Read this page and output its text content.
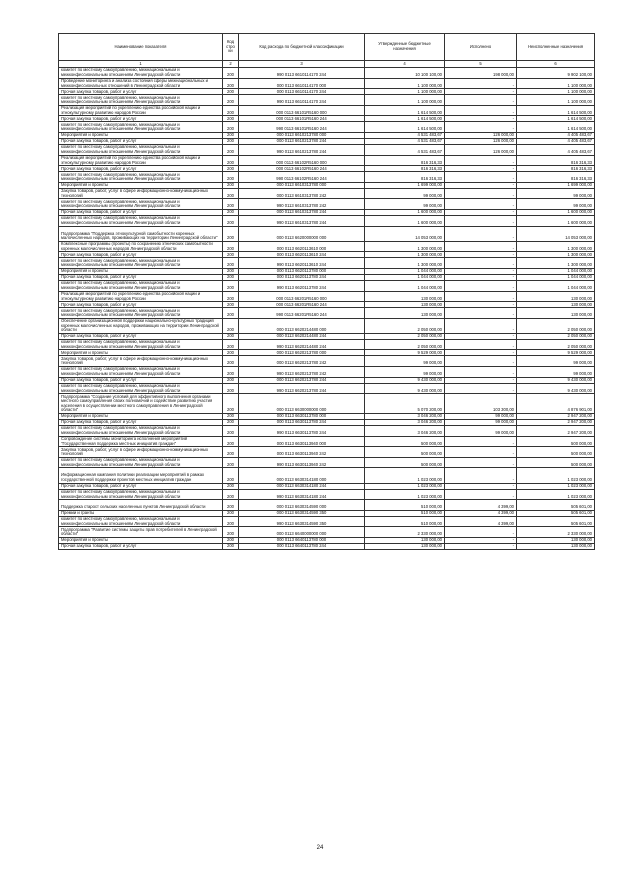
Наименование показателя	Код стро ки	Код расхода по бюджетной классификации	Утвержденные бюджетные назначения	Исполнено	Неисполненные назначения
1	2	3	4	5	6
комитет по местному самоуправлению, межнациональным и межконфессиональным отношениям Ленинградской области	200	990 0113 6610114170 244	10 100 100,00	198 000,00	9 902 100,00
Проведение мониторинга и анализа состояния сферы межнациональных и межконфессиональных отношений в Ленинградской области	200	000 0113 6610114170 000	1 100 000,00	-	1 100 000,00
Прочая закупка товаров, работ и услуг	200	000 0113 6610114170 244	1 100 000,00	-	1 100 000,00
комитет по местному самоуправлению, межнациональным и межконфессиональным отношениям Ленинградской области	200	990 0113 6610114170 244	1 100 000,00	-	1 100 000,00
Реализация мероприятий по укреплению единства российской нации и этнокультурному развитию народов России	200	000 0113 66101R5160 000	1 614 500,00	-	1 614 500,00
Прочая закупка товаров, работ и услуг	200	000 0113 66101R5160 244	1 614 500,00	-	1 614 500,00
комитет по местному самоуправлению, межнациональным и межконфессиональным отношениям Ленинградской области	200	990 0113 66101R5160 244	1 614 500,00	-	1 614 500,00
Мероприятия и проекты	200	000 0113 6610213780 000	4 531 483,67	126 000,00	4 405 483,67
Прочая закупка товаров, работ и услуг	200	000 0113 6610213780 244	4 531 483,67	126 000,00	4 405 483,67
комитет по местному самоуправлению, межнациональным и межконфессиональным отношениям Ленинградской области	200	990 0113 6610213780 244	4 531 483,67	126 000,00	4 405 483,67
Реализация мероприятий по укреплению единства российской нации и этнокультурному развитию народов России	200	000 0113 66102R5160 000	816 316,33	-	816 316,33
Прочая закупка товаров, работ и услуг	200	000 0113 66102R5160 244	816 316,33	-	816 316,33
комитет по местному самоуправлению, межнациональным и межконфессиональным отношениям Ленинградской области	200	990 0113 66102R5160 244	816 316,33	-	816 316,33
Мероприятия и проекты	200	000 0113 6610313780 000	1 699 000,00	-	1 699 000,00
Закупка товаров, работ, услуг в сфере информационно-коммуникационных технологий	200	000 0113 6610313780 242	99 000,00	-	99 000,00
комитет по местному самоуправлению, межнациональным и межконфессиональным отношениям Ленинградской области	200	990 0113 6610313780 242	99 000,00	-	99 000,00
Прочая закупка товаров, работ и услуг	200	000 0113 6610313780 244	1 600 000,00	-	1 600 000,00
комитет по местному самоуправлению, межнациональным и межконфессиональным отношениям Ленинградской области	200	990 0113 6610313780 244	1 600 000,00	-	1 600 000,00
Подпрограмма "Поддержка этнокультурной самобытности коренных малочисленных народов, проживающих на территории Ленинградской области"	200	000 0113 6620000000 000	14 053 000,00	-	14 053 000,00
Комплексные программы (проекты) по сохранению этнических самобытности коренных малочисленных народов Ленинградской области	200	000 0113 6620113610 000	1 300 000,00	-	1 300 000,00
Прочая закупка товаров, работ и услуг	200	000 0113 6620113610 244	1 300 000,00	-	1 300 000,00
комитет по местному самоуправлению, межнациональным и межконфессиональным отношениям Ленинградской области	200	990 0113 6620113610 244	1 300 000,00	-	1 300 000,00
Мероприятия и проекты	200	000 0113 6620113780 000	1 044 000,00	-	1 044 000,00
Прочая закупка товаров, работ и услуг	200	000 0113 6620113780 244	1 044 000,00	-	1 044 000,00
комитет по местному самоуправлению, межнациональным и межконфессиональным отношениям Ленинградской области	200	990 0113 6620113780 244	1 044 000,00	-	1 044 000,00
Реализация мероприятий по укреплению единства российской нации и этнокультурному развитию народов России	200	000 0113 66201R5160 000	130 000,00	-	130 000,00
Прочая закупка товаров, работ и услуг	200	000 0113 66201R5160 244	130 000,00	-	130 000,00
комитет по местному самоуправлению, межнациональным и межконфессиональным отношениям Ленинградской области	200	990 0113 66201R5160 244	130 000,00	-	130 000,00
Обеспечение организационной поддержки национально-культурных традиций коренных малочисленных народов, проживающих на территории Ленинградской области	200	000 0113 6620214480 000	2 050 000,00	-	2 050 000,00
Прочая закупка товаров, работ и услуг	200	000 0113 6620214480 244	2 050 000,00	-	2 050 000,00
комитет по местному самоуправлению, межнациональным и межконфессиональным отношениям Ленинградской области	200	990 0113 6620214480 244	2 050 000,00	-	2 050 000,00
Мероприятия и проекты	200	000 0113 6620213780 000	9 529 000,00	-	9 529 000,00
Закупка товаров, работ, услуг в сфере информационно-коммуникационных технологий	200	000 0113 6620213780 242	99 000,00	-	99 000,00
комитет по местному самоуправлению, межнациональным и межконфессиональным отношениям Ленинградской области	200	990 0113 6620213780 242	99 000,00	-	99 000,00
Прочая закупка товаров, работ и услуг	200	000 0113 6620213780 244	9 430 000,00	-	9 430 000,00
комитет по местному самоуправлению, межнациональным и межконфессиональным отношениям Ленинградской области	200	990 0113 6620213780 244	9 430 000,00	-	9 430 000,00
Подпрограмма "Создание условий для эффективного выполнения органами местного самоуправления своих полномочий и содействие развитию участия населения в осуществлении местного самоуправления в Ленинградской области"	200	000 0113 6630000000 000	5 070 200,00	103 300,00	4 876 901,00
Мероприятия и проекты	200	000 0113 6630113780 000	3 046 200,00	99 000,00	2 947 200,00
Прочая закупка товаров, работ и услуг	200	000 0113 6630113780 244	3 046 200,00	99 000,00	2 947 200,00
комитет по местному самоуправлению, межнациональным и межконфессиональным отношениям Ленинградской области	200	990 0113 6630113780 244	3 046 200,00	99 000,00	2 947 200,00
Сопровождение системы мониторинга исполнения мероприятий "Государственная поддержка местных инициатив граждан"	200	000 0113 6630113940 000	500 000,00	-	500 000,00
Закупка товаров, работ, услуг в сфере информационно-коммуникационных технологий	200	000 0113 6630113940 242	500 000,00	-	500 000,00
комитет по местному самоуправлению, межнациональным и межконфессиональным отношениям Ленинградской области	200	990 0113 6630113940 242	500 000,00	-	500 000,00
Информационная кампания политики реализации мероприятий в рамках государственной поддержки проектов местных инициатив граждан	200	000 0113 6630314180 000	1 023 000,00	-	1 023 000,00
Прочая закупка товаров, работ и услуг	200	000 0113 6630314180 244	1 023 000,00	-	1 023 000,00
комитет по местному самоуправлению, межнациональным и межконфессиональным отношениям Ленинградской области	200	990 0113 6630314180 244	1 023 000,00	-	1 023 000,00
Поддержка старост сельских населенных пунктов Ленинградской области	200	000 0113 6630314590 000	510 000,00	4 399,00	505 601,00
Премии и гранты	200	000 0113 6630314590 350	510 000,00	4 399,00	505 601,00
комитет по местному самоуправлению, межнациональным и межконфессиональным отношениям Ленинградской области	200	990 0113 6630314590 350	510 000,00	4 399,00	505 601,00
Подпрограмма "Развитие системы защиты прав потребителей в Ленинградской области"	200	000 0113 6640000000 000	2 330 000,00	-	2 330 000,00
Мероприятия и проекты	200	000 0113 6640113780 000	130 000,00	-	130 000,00
Прочая закупка товаров, работ и услуг	200	000 0113 6640113780 244	130 000,00	-	130 000,00
24
